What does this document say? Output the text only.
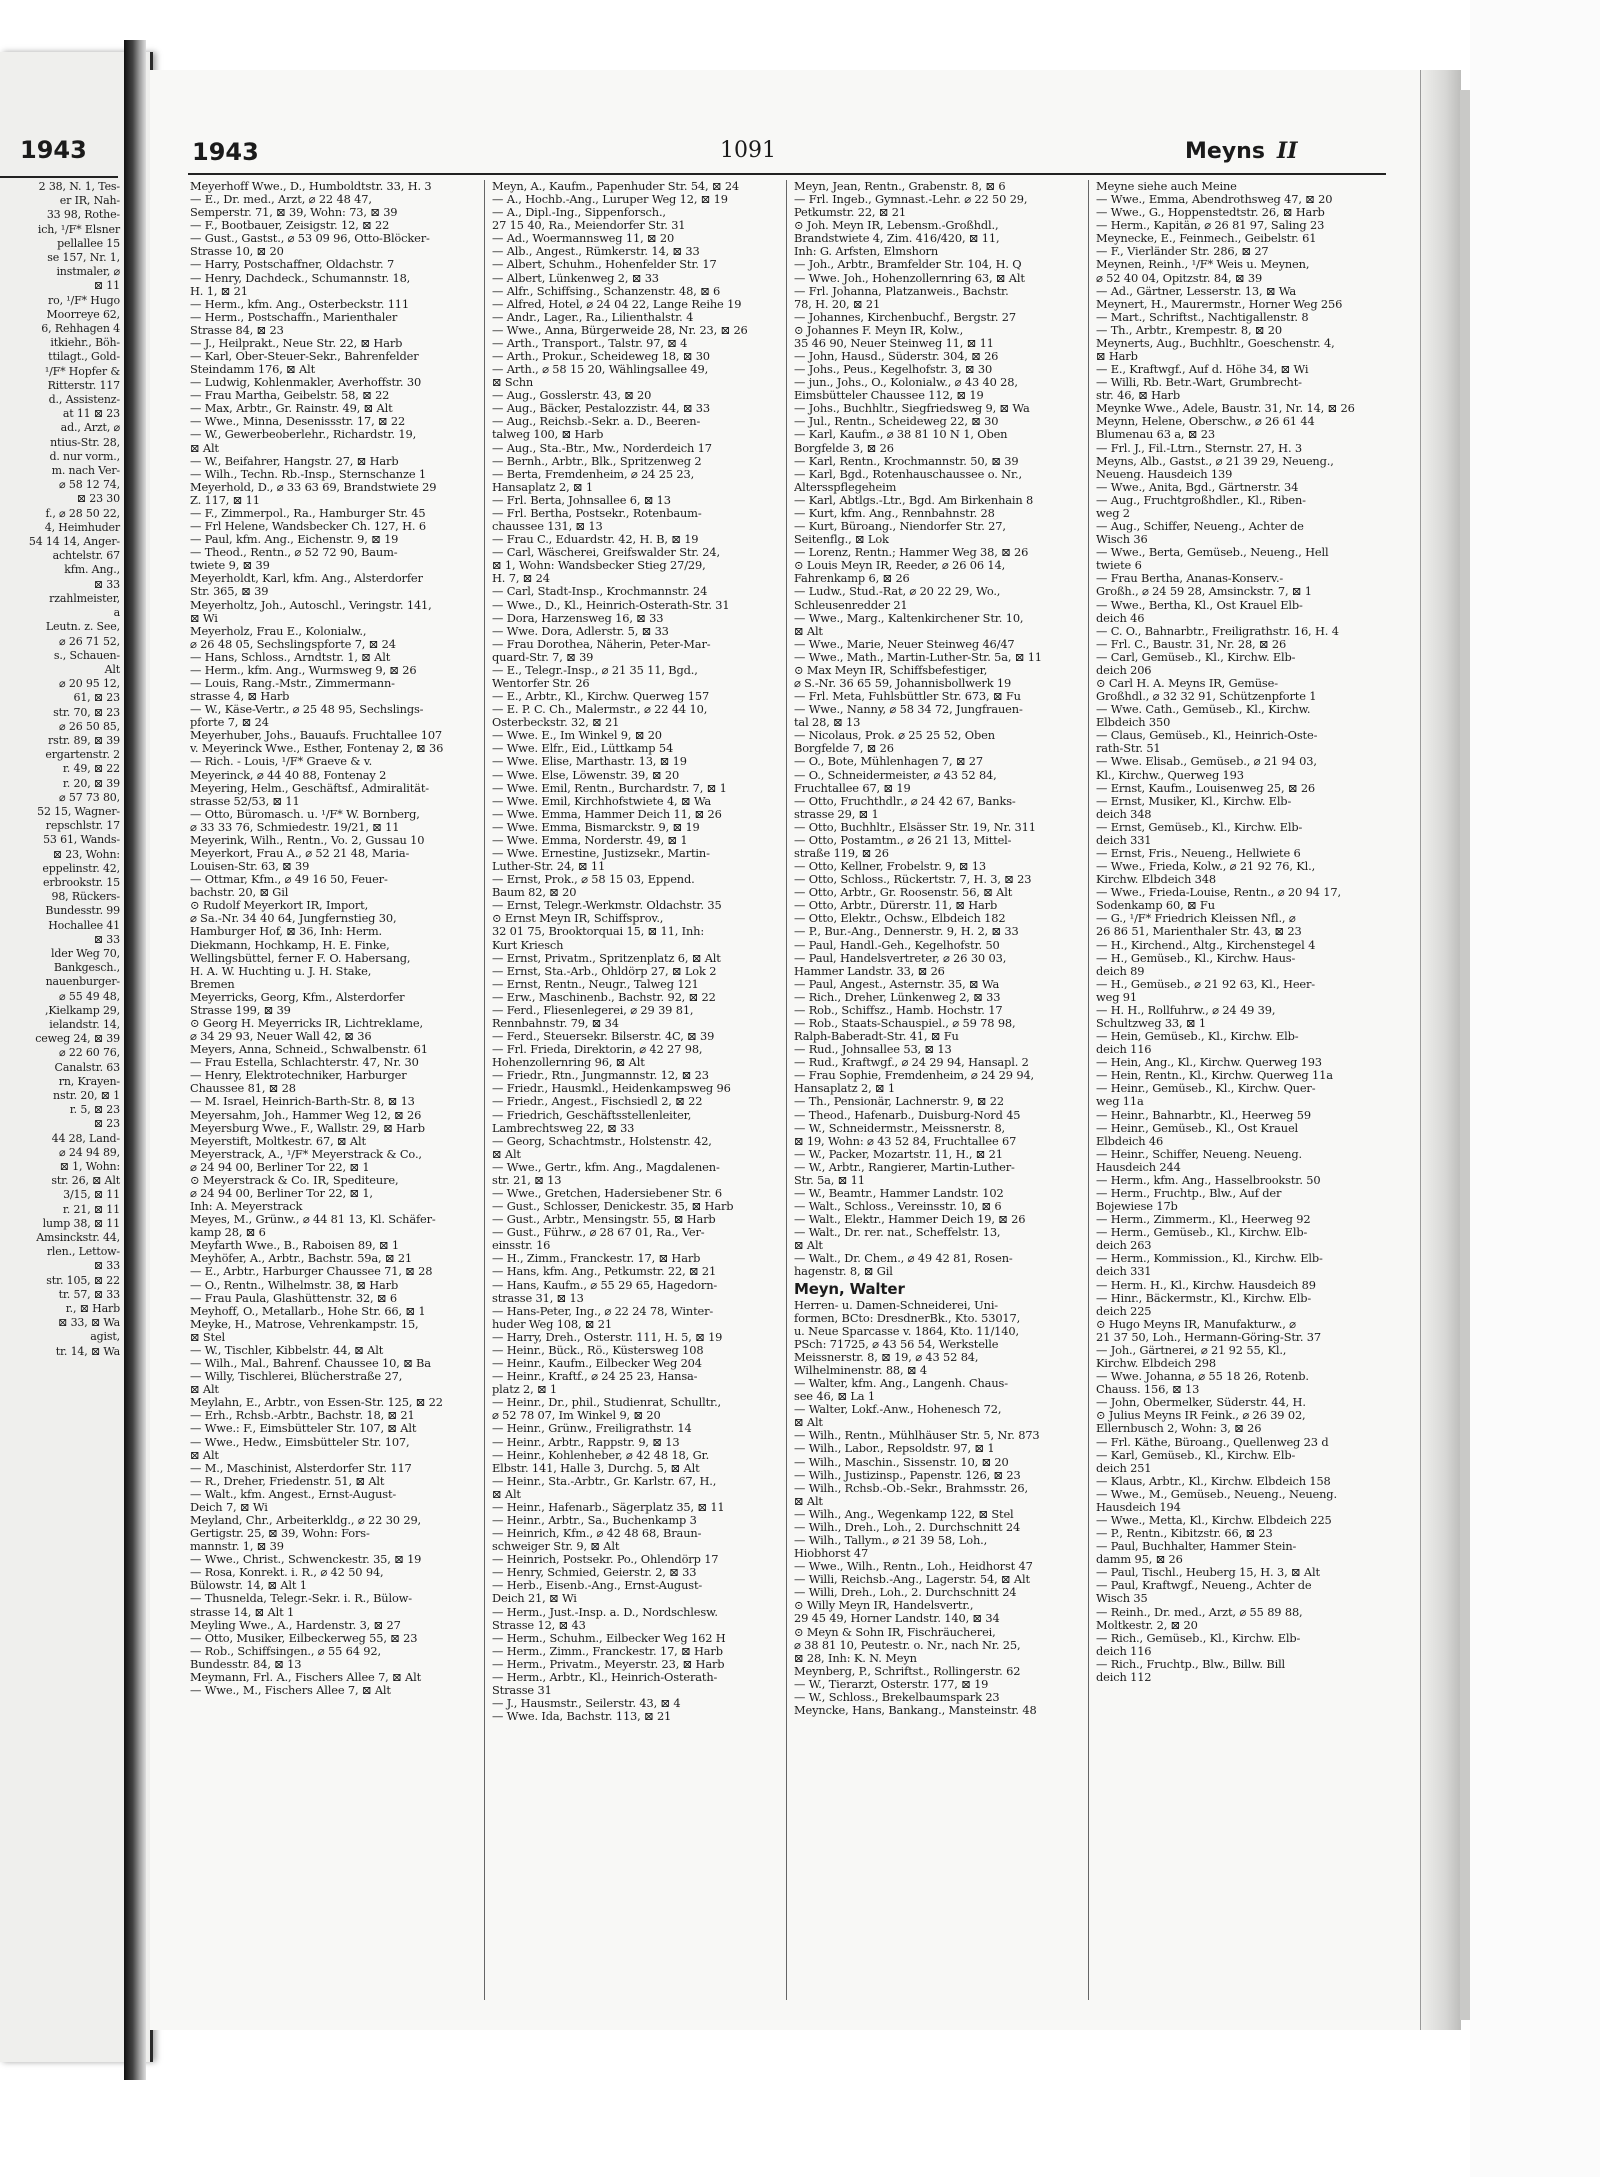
1943
2 38, N. 1, Tes-
er IR, Nah-
33 98, Rothe-
ich, ¹/F* Elsner
pellallee 15
se 157, Nr. 1,
instmaler, ⌀
⊠ 11
ro, ¹/F* Hugo
Moorreye 62,
6, Rehhagen 4
itkiehr., Böh-
ttilagt., Gold-
¹/F* Hopfer &
Ritterstr. 117
d., Assistenz-
at 11 ⊠ 23
ad., Arzt, ⌀
ntius-Str. 28,
d. nur vorm.,
m. nach Ver-
⌀ 58 12 74,
⊠ 23 30
f., ⌀ 28 50 22,
4, Heimhuder
54 14 14, Anger-
achtelstr. 67
kfm. Ang.,
⊠ 33
rzahlmeister,
a
Leutn. z. See,
⌀ 26 71 52,
s., Schauen-
Alt
⌀ 20 95 12,
61, ⊠ 23
str. 70, ⊠ 23
⌀ 26 50 85,
rstr. 89, ⊠ 39
ergartenstr. 2
r. 49, ⊠ 22
r. 20, ⊠ 39
⌀ 57 73 80,
52 15, Wagner-
repschlstr. 17
53 61, Wands-
⊠ 23, Wohn:
eppelinstr. 42,
erbrookstr. 15
98, Rückers-
Bundesstr. 99
Hochallee 41
⊠ 33
lder Weg 70,
Bankgesch.,
nauenburger-
⌀ 55 49 48,
,Kielkamp 29,
ielandstr. 14,
ceweg 24, ⊠ 39
⌀ 22 60 76,
Canalstr. 63
rn, Krayen-
nstr. 20, ⊠ 1
r. 5, ⊠ 23
⊠ 23
44 28, Land-
⌀ 24 94 89,
⊠ 1, Wohn:
str. 26, ⊠ Alt
3/15, ⊠ 11
r. 21, ⊠ 11
lump 38, ⊠ 11
Amsinckstr. 44,
rlen., Lettow-
⊠ 33
str. 105, ⊠ 22
tr. 57, ⊠ 33
r., ⊠ Harb
⊠ 33, ⊠ Wa
agist,
tr. 14, ⊠ Wa
1943	1091	Meyns II
Meyerhoff Wwe., D., Humboldtstr. 33, H. 3
— E., Dr. med., Arzt, ⌀ 22 48 47,
Semperstr. 71, ⊠ 39, Wohn: 73, ⊠ 39
— F., Bootbauer, Zeisigstr. 12, ⊠ 22
— Gust., Gastst., ⌀ 53 09 96, Otto-Blöcker-
Strasse 10, ⊠ 20
— Harry, Postschaffner, Oldachstr. 7
— Henry, Dachdeck., Schumannstr. 18,
H. 1, ⊠ 21
— Herm., kfm. Ang., Osterbeckstr. 111
— Herm., Postschaffn., Marienthaler
Strasse 84, ⊠ 23
— J., Heilprakt., Neue Str. 22, ⊠ Harb
— Karl, Ober-Steuer-Sekr., Bahrenfelder
Steindamm 176, ⊠ Alt
— Ludwig, Kohlenmakler, Averhoffstr. 30
— Frau Martha, Geibelstr. 58, ⊠ 22
— Max, Arbtr., Gr. Rainstr. 49, ⊠ Alt
— Wwe., Minna, Desenissstr. 17, ⊠ 22
— W., Gewerbeoberlehr., Richardstr. 19,
⊠ Alt
— W., Beifahrer, Hangstr. 27, ⊠ Harb
— Wilh., Techn. Rb.-Insp., Sternschanze 1
Meyerhold, D., ⌀ 33 63 69, Brandstwiete 29
Z. 117, ⊠ 11
— F., Zimmerpol., Ra., Hamburger Str. 45
— Frl Helene, Wandsbecker Ch. 127, H. 6
— Paul, kfm. Ang., Eichenstr. 9, ⊠ 19
— Theod., Rentn., ⌀ 52 72 90, Baum-
twiete 9, ⊠ 39
Meyerholdt, Karl, kfm. Ang., Alsterdorfer
Str. 365, ⊠ 39
Meyerholtz, Joh., Autoschl., Veringstr. 141,
⊠ Wi
Meyerholz, Frau E., Kolonialw.,
⌀ 26 48 05, Sechslingspforte 7, ⊠ 24
— Hans, Schloss., Arndtstr. 1, ⊠ Alt
— Herm., kfm. Ang., Wurmsweg 9, ⊠ 26
— Louis, Rang.-Mstr., Zimmermann-
strasse 4, ⊠ Harb
— W., Käse-Vertr., ⌀ 25 48 95, Sechslings-
pforte 7, ⊠ 24
Meyerhuber, Johs., Bauaufs. Fruchtallee 107
v. Meyerinck Wwe., Esther, Fontenay 2, ⊠ 36
— Rich. - Louis, ¹/F* Graeve & v.
Meyerinck, ⌀ 44 40 88, Fontenay 2
Meyering, Helm., Geschäftsf., Admiralität-
strasse 52/53, ⊠ 11
— Otto, Büromasch. u. ¹/F* W. Bornberg,
⌀ 33 33 76, Schmiedestr. 19/21, ⊠ 11
Meyerink, Wilh., Rentn., Vo. 2, Gussau 10
Meyerkort, Frau A., ⌀ 52 21 48, Maria-
Louisen-Str. 63, ⊠ 39
— Ottmar, Kfm., ⌀ 49 16 50, Feuer-
bachstr. 20, ⊠ Gil
⊙ Rudolf Meyerkort IR, Import,
⌀ Sa.-Nr. 34 40 64, Jungfernstieg 30,
Hamburger Hof, ⊠ 36, Inh: Herm.
Diekmann, Hochkamp, H. E. Finke,
Wellingsbüttel, ferner F. O. Habersang,
H. A. W. Huchting u. J. H. Stake,
Bremen
Meyerricks, Georg, Kfm., Alsterdorfer
Strasse 199, ⊠ 39
⊙ Georg H. Meyerricks IR, Lichtreklame,
⌀ 34 29 93, Neuer Wall 42, ⊠ 36
Meyers, Anna, Schneid., Schwalbenstr. 61
— Frau Estella, Schlachterstr. 47, Nr. 30
— Henry, Elektrotechniker, Harburger
Chaussee 81, ⊠ 28
— M. Israel, Heinrich-Barth-Str. 8, ⊠ 13
Meyersahm, Joh., Hammer Weg 12, ⊠ 26
Meyersburg Wwe., F., Wallstr. 29, ⊠ Harb
Meyerstift, Moltkestr. 67, ⊠ Alt
Meyerstrack, A., ¹/F* Meyerstrack & Co.,
⌀ 24 94 00, Berliner Tor 22, ⊠ 1
⊙ Meyerstrack & Co. IR, Spediteure,
⌀ 24 94 00, Berliner Tor 22, ⊠ 1,
Inh: A. Meyerstrack
Meyes, M., Grünw., ⌀ 44 81 13, Kl. Schäfer-
kamp 28, ⊠ 6
Meyfarth Wwe., B., Raboisen 89, ⊠ 1
Meyhöfer, A., Arbtr., Bachstr. 59a, ⊠ 21
— E., Arbtr., Harburger Chaussee 71, ⊠ 28
— O., Rentn., Wilhelmstr. 38, ⊠ Harb
— Frau Paula, Glashüttenstr. 32, ⊠ 6
Meyhoff, O., Metallarb., Hohe Str. 66, ⊠ 1
Meyke, H., Matrose, Vehrenkampstr. 15,
⊠ Stel
— W., Tischler, Kibbelstr. 44, ⊠ Alt
— Wilh., Mal., Bahrenf. Chaussee 10, ⊠ Ba
— Willy, Tischlerei, Blücherstraße 27,
⊠ Alt
Meylahn, E., Arbtr., von Essen-Str. 125, ⊠ 22
— Erh., Rchsb.-Arbtr., Bachstr. 18, ⊠ 21
— Wwe.: F., Eimsbütteler Str. 107, ⊠ Alt
— Wwe., Hedw., Eimsbütteler Str. 107,
⊠ Alt
— M., Maschinist, Alsterdorfer Str. 117
— R., Dreher, Friedenstr. 51, ⊠ Alt
— Walt., kfm. Angest., Ernst-August-
Deich 7, ⊠ Wi
Meyland, Chr., Arbeiterkldg., ⌀ 22 30 29,
Gertigstr. 25, ⊠ 39, Wohn: Fors-
mannstr. 1, ⊠ 39
— Wwe., Christ., Schwenckestr. 35, ⊠ 19
— Rosa, Konrekt. i. R., ⌀ 42 50 94,
Bülowstr. 14, ⊠ Alt 1
— Thusnelda, Telegr.-Sekr. i. R., Bülow-
strasse 14, ⊠ Alt 1
Meyling Wwe., A., Hardenstr. 3, ⊠ 27
— Otto, Musiker, Eilbeckerweg 55, ⊠ 23
— Rob., Schiffsingen., ⌀ 55 64 92,
Bundesstr. 84, ⊠ 13
Meymann, Frl. A., Fischers Allee 7, ⊠ Alt
— Wwe., M., Fischers Allee 7, ⊠ Alt
Meyn, A., Kaufm., Papenhuder Str. 54, ⊠ 24
— A., Hochb.-Ang., Luruper Weg 12, ⊠ 19
— A., Dipl.-Ing., Sippenforsch.,
27 15 40, Ra., Meiendorfer Str. 31
— Ad., Woermannsweg 11, ⊠ 20
— Alb., Angest., Rümkerstr. 14, ⊠ 33
— Albert, Schuhm., Hohenfelder Str. 17
— Albert, Lünkenweg 2, ⊠ 33
— Alfr., Schiffsing., Schanzenstr. 48, ⊠ 6
— Alfred, Hotel, ⌀ 24 04 22, Lange Reihe 19
— Andr., Lager., Ra., Lilienthalstr. 4
— Wwe., Anna, Bürgerweide 28, Nr. 23, ⊠ 26
— Arth., Transport., Talstr. 97, ⊠ 4
— Arth., Prokur., Scheideweg 18, ⊠ 30
— Arth., ⌀ 58 15 20, Wählingsallee 49,
⊠ Schn
— Aug., Gosslerstr. 43, ⊠ 20
— Aug., Bäcker, Pestalozzistr. 44, ⊠ 33
— Aug., Reichsb.-Sekr. a. D., Beeren-
talweg 100, ⊠ Harb
— Aug., Sta.-Btr., Mw., Norderdeich 17
— Bernh., Arbtr., Blk., Spritzenweg 2
— Berta, Fremdenheim, ⌀ 24 25 23,
Hansaplatz 2, ⊠ 1
— Frl. Berta, Johnsallee 6, ⊠ 13
— Frl. Bertha, Postsekr., Rotenbaum-
chaussee 131, ⊠ 13
— Frau C., Eduardstr. 42, H. B, ⊠ 19
— Carl, Wäscherei, Greifswalder Str. 24,
⊠ 1, Wohn: Wandsbecker Stieg 27/29,
H. 7, ⊠ 24
— Carl, Stadt-Insp., Krochmannstr. 24
— Wwe., D., Kl., Heinrich-Osterath-Str. 31
— Dora, Harzensweg 16, ⊠ 33
— Wwe. Dora, Adlerstr. 5, ⊠ 33
— Frau Dorothea, Näherin, Peter-Mar-
quard-Str. 7, ⊠ 39
— E., Telegr.-Insp., ⌀ 21 35 11, Bgd.,
Wentorfer Str. 26
— E., Arbtr., Kl., Kirchw. Querweg 157
— E. P. C. Ch., Malermstr., ⌀ 22 44 10,
Osterbeckstr. 32, ⊠ 21
— Wwe. E., Im Winkel 9, ⊠ 20
— Wwe. Elfr., Eid., Lüttkamp 54
— Wwe. Elise, Marthastr. 13, ⊠ 19
— Wwe. Else, Löwenstr. 39, ⊠ 20
— Wwe. Emil, Rentn., Burchardstr. 7, ⊠ 1
— Wwe. Emil, Kirchhofstwiete 4, ⊠ Wa
— Wwe. Emma, Hammer Deich 11, ⊠ 26
— Wwe. Emma, Bismarckstr. 9, ⊠ 19
— Wwe. Emma, Norderstr. 49, ⊠ 1
— Wwe. Ernestine, Justizsekr., Martin-
Luther-Str. 24, ⊠ 11
— Ernst, Prok., ⌀ 58 15 03, Eppend.
Baum 82, ⊠ 20
— Ernst, Telegr.-Werkmstr. Oldachstr. 35
⊙ Ernst Meyn IR, Schiffsprov.,
32 01 75, Brooktorquai 15, ⊠ 11, Inh:
Kurt Kriesch
— Ernst, Privatm., Spritzenplatz 6, ⊠ Alt
— Ernst, Sta.-Arb., Ohldörp 27, ⊠ Lok 2
— Ernst, Rentn., Neugr., Talweg 121
— Erw., Maschinenb., Bachstr. 92, ⊠ 22
— Ferd., Fliesenlegerei, ⌀ 29 39 81,
Rennbahnstr. 79, ⊠ 34
— Ferd., Steuersekr. Bilserstr. 4C, ⊠ 39
— Frl. Frieda, Direktorin, ⌀ 42 27 98,
Hohenzollernring 96, ⊠ Alt
— Friedr., Rtn., Jungmannstr. 12, ⊠ 23
— Friedr., Hausmkl., Heidenkampsweg 96
— Friedr., Angest., Fischsiedl 2, ⊠ 22
— Friedrich, Geschäftsstellenleiter,
Lambrechtsweg 22, ⊠ 33
— Georg, Schachtmstr., Holstenstr. 42,
⊠ Alt
— Wwe., Gertr., kfm. Ang., Magdalenen-
str. 21, ⊠ 13
— Wwe., Gretchen, Hadersiebener Str. 6
— Gust., Schlosser, Denickestr. 35, ⊠ Harb
— Gust., Arbtr., Mensingstr. 55, ⊠ Harb
— Gust., Führw., ⌀ 28 67 01, Ra., Ver-
einsstr. 16
— H., Zimm., Franckestr. 17, ⊠ Harb
— Hans, kfm. Ang., Petkumstr. 22, ⊠ 21
— Hans, Kaufm., ⌀ 55 29 65, Hagedorn-
strasse 31, ⊠ 13
— Hans-Peter, Ing., ⌀ 22 24 78, Winter-
huder Weg 108, ⊠ 21
— Harry, Dreh., Osterstr. 111, H. 5, ⊠ 19
— Heinr., Bück., Rö., Küstersweg 108
— Heinr., Kaufm., Eilbecker Weg 204
— Heinr., Kraftf., ⌀ 24 25 23, Hansa-
platz 2, ⊠ 1
— Heinr., Dr., phil., Studienrat, Schulltr.,
⌀ 52 78 07, Im Winkel 9, ⊠ 20
— Heinr., Grünw., Freiligrathstr. 14
— Heinr., Arbtr., Rappstr. 9, ⊠ 13
— Heinr., Kohlenheber, ⌀ 42 48 18, Gr.
Elbstr. 141, Halle 3, Durchg. 5, ⊠ Alt
— Heinr., Sta.-Arbtr., Gr. Karlstr. 67, H.,
⊠ Alt
— Heinr., Hafenarb., Sägerplatz 35, ⊠ 11
— Heinr., Arbtr., Sa., Buchenkamp 3
— Heinrich, Kfm., ⌀ 42 48 68, Braun-
schweiger Str. 9, ⊠ Alt
— Heinrich, Postsekr. Po., Ohlendörp 17
— Henry, Schmied, Geierstr. 2, ⊠ 33
— Herb., Eisenb.-Ang., Ernst-August-
Deich 21, ⊠ Wi
— Herm., Just.-Insp. a. D., Nordschlesw.
Strasse 12, ⊠ 43
— Herm., Schuhm., Eilbecker Weg 162 H
— Herm., Zimm., Franckestr. 17, ⊠ Harb
— Herm., Privatm., Meyerstr. 23, ⊠ Harb
— Herm., Arbtr., Kl., Heinrich-Osterath-
Strasse 31
— J., Hausmstr., Seilerstr. 43, ⊠ 4
— Wwe. Ida, Bachstr. 113, ⊠ 21
Meyn, Jean, Rentn., Grabenstr. 8, ⊠ 6
— Frl. Ingeb., Gymnast.-Lehr. ⌀ 22 50 29,
Petkumstr. 22, ⊠ 21
⊙ Joh. Meyn IR, Lebensm.-Großhdl.,
Brandstwiete 4, Zim. 416/420, ⊠ 11,
Inh: G. Arfsten, Elmshorn
— Joh., Arbtr., Bramfelder Str. 104, H. Q
— Wwe. Joh., Hohenzollernring 63, ⊠ Alt
— Frl. Johanna, Platzanweis., Bachstr.
78, H. 20, ⊠ 21
— Johannes, Kirchenbuchf., Bergstr. 27
⊙ Johannes F. Meyn IR, Kolw.,
35 46 90, Neuer Steinweg 11, ⊠ 11
— John, Hausd., Süderstr. 304, ⊠ 26
— Johs., Peus., Kegelhofstr. 3, ⊠ 30
— jun., Johs., O., Kolonialw., ⌀ 43 40 28,
Eimsbütteler Chaussee 112, ⊠ 19
— Johs., Buchhltr., Siegfriedsweg 9, ⊠ Wa
— Jul., Rentn., Scheideweg 22, ⊠ 30
— Karl, Kaufm., ⌀ 38 81 10 N 1, Oben
Borgfelde 3, ⊠ 26
— Karl, Rentn., Krochmannstr. 50, ⊠ 39
— Karl, Bgd., Rotenhauschaussee o. Nr.,
Altersspflegeheim
— Karl, Abtlgs.-Ltr., Bgd. Am Birkenhain 8
— Kurt, kfm. Ang., Rennbahnstr. 28
— Kurt, Büroang., Niendorfer Str. 27,
Seitenflg., ⊠ Lok
— Lorenz, Rentn.; Hammer Weg 38, ⊠ 26
⊙ Louis Meyn IR, Reeder, ⌀ 26 06 14,
Fahrenkamp 6, ⊠ 26
— Ludw., Stud.-Rat, ⌀ 20 22 29, Wo.,
Schleusenredder 21
— Wwe., Marg., Kaltenkirchener Str. 10,
⊠ Alt
— Wwe., Marie, Neuer Steinweg 46/47
— Wwe., Math., Martin-Luther-Str. 5a, ⊠ 11
⊙ Max Meyn IR, Schiffsbefestiger,
⌀ S.-Nr. 36 65 59, Johannisbollwerk 19
— Frl. Meta, Fuhlsbüttler Str. 673, ⊠ Fu
— Wwe., Nanny, ⌀ 58 34 72, Jungfrauen-
tal 28, ⊠ 13
— Nicolaus, Prok. ⌀ 25 25 52, Oben
Borgfelde 7, ⊠ 26
— O., Bote, Mühlenhagen 7, ⊠ 27
— O., Schneidermeister, ⌀ 43 52 84,
Fruchtallee 67, ⊠ 19
— Otto, Fruchthdlr., ⌀ 24 42 67, Banks-
strasse 29, ⊠ 1
— Otto, Buchhltr., Elsässer Str. 19, Nr. 311
— Otto, Postamtm., ⌀ 26 21 13, Mittel-
straße 119, ⊠ 26
— Otto, Kellner, Frobelstr. 9, ⊠ 13
— Otto, Schloss., Rückertstr. 7, H. 3, ⊠ 23
— Otto, Arbtr., Gr. Roosenstr. 56, ⊠ Alt
— Otto, Arbtr., Dürerstr. 11, ⊠ Harb
— Otto, Elektr., Ochsw., Elbdeich 182
— P., Bur.-Ang., Dennerstr. 9, H. 2, ⊠ 33
— Paul, Handl.-Geh., Kegelhofstr. 50
— Paul, Handelsvertreter, ⌀ 26 30 03,
Hammer Landstr. 33, ⊠ 26
— Paul, Angest., Asternstr. 35, ⊠ Wa
— Rich., Dreher, Lünkenweg 2, ⊠ 33
— Rob., Schiffsz., Hamb. Hochstr. 17
— Rob., Staats-Schauspiel., ⌀ 59 78 98,
Ralph-Baberadt-Str. 41, ⊠ Fu
— Rud., Johnsallee 53, ⊠ 13
— Rud., Kraftwgf., ⌀ 24 29 94, Hansapl. 2
— Frau Sophie, Fremdenheim, ⌀ 24 29 94,
Hansaplatz 2, ⊠ 1
— Th., Pensionär, Lachnerstr. 9, ⊠ 22
— Theod., Hafenarb., Duisburg-Nord 45
— W., Schneidermstr., Meissnerstr. 8,
⊠ 19, Wohn: ⌀ 43 52 84, Fruchtallee 67
— W., Packer, Mozartstr. 11, H., ⊠ 21
— W., Arbtr., Rangierer, Martin-Luther-
Str. 5a, ⊠ 11
— W., Beamtr., Hammer Landstr. 102
— Walt., Schloss., Vereinsstr. 10, ⊠ 6
— Walt., Elektr., Hammer Deich 19, ⊠ 26
— Walt., Dr. rer. nat., Scheffelstr. 13,
⊠ Alt
— Walt., Dr. Chem., ⌀ 49 42 81, Rosen-
hagenstr. 8, ⊠ Gil
Meyn, Walter
Herren- u. Damen-Schneiderei, Uni-
formen, BCto: DresdnerBk., Kto. 53017,
u. Neue Sparcasse v. 1864, Kto. 11/140,
PSch: 71725, ⌀ 43 56 54, Werkstelle
Meissnerstr. 8, ⊠ 19, ⌀ 43 52 84,
Wilhelminenstr. 88, ⊠ 4
— Walter, kfm. Ang., Langenh. Chaus-
see 46, ⊠ La 1
— Walter, Lokf.-Anw., Hohenesch 72,
⊠ Alt
— Wilh., Rentn., Mühlhäuser Str. 5, Nr. 873
— Wilh., Labor., Repsoldstr. 97, ⊠ 1
— Wilh., Maschin., Sissenstr. 10, ⊠ 20
— Wilh., Justizinsp., Papenstr. 126, ⊠ 23
— Wilh., Rchsb.-Ob.-Sekr., Brahmsstr. 26,
⊠ Alt
— Wilh., Ang., Wegenkamp 122, ⊠ Stel
— Wilh., Dreh., Loh., 2. Durchschnitt 24
— Wilh., Tallym., ⌀ 21 39 58, Loh.,
Hiobhorst 47
— Wwe., Wilh., Rentn., Loh., Heidhorst 47
— Willi, Reichsb.-Ang., Lagerstr. 54, ⊠ Alt
— Willi, Dreh., Loh., 2. Durchschnitt 24
⊙ Willy Meyn IR, Handelsvertr.,
29 45 49, Horner Landstr. 140, ⊠ 34
⊙ Meyn & Sohn IR, Fischräucherei,
⌀ 38 81 10, Peutestr. o. Nr., nach Nr. 25,
⊠ 28, Inh: K. N. Meyn
Meynberg, P., Schriftst., Rollingerstr. 62
— W., Tierarzt, Osterstr. 177, ⊠ 19
— W., Schloss., Brekelbaumspark 23
Meyncke, Hans, Bankang., Mansteinstr. 48
Meyne siehe auch Meine
— Wwe., Emma, Abendrothsweg 47, ⊠ 20
— Wwe., G., Hoppenstedtstr. 26, ⊠ Harb
— Herm., Kapitän, ⌀ 26 81 97, Saling 23
Meynecke, E., Feinmech., Geibelstr. 61
— F., Vierländer Str. 286, ⊠ 27
Meynen, Reinh., ¹/F* Weis u. Meynen,
⌀ 52 40 04, Opitzstr. 84, ⊠ 39
— Ad., Gärtner, Lesserstr. 13, ⊠ Wa
Meynert, H., Maurermstr., Horner Weg 256
— Mart., Schriftst., Nachtigallenstr. 8
— Th., Arbtr., Krempestr. 8, ⊠ 20
Meynerts, Aug., Buchhltr., Goeschenstr. 4,
⊠ Harb
— E., Kraftwgf., Auf d. Höhe 34, ⊠ Wi
— Willi, Rb. Betr.-Wart, Grumbrecht-
str. 46, ⊠ Harb
Meynke Wwe., Adele, Baustr. 31, Nr. 14, ⊠ 26
Meynn, Helene, Oberschw., ⌀ 26 61 44
Blumenau 63 a, ⊠ 23
— Frl. J., Fil.-Ltrn., Sternstr. 27, H. 3
Meyns, Alb., Gastst., ⌀ 21 39 29, Neueng.,
Neueng. Hausdeich 139
— Wwe., Anita, Bgd., Gärtnerstr. 34
— Aug., Fruchtgroßhdler., Kl., Riben-
weg 2
— Aug., Schiffer, Neueng., Achter de
Wisch 36
— Wwe., Berta, Gemüseb., Neueng., Hell
twiete 6
— Frau Bertha, Ananas-Konserv.-
Großh., ⌀ 24 59 28, Amsinckstr. 7, ⊠ 1
— Wwe., Bertha, Kl., Ost Krauel Elb-
deich 46
— C. O., Bahnarbtr., Freiligrathstr. 16, H. 4
— Frl. C., Baustr. 31, Nr. 28, ⊠ 26
— Carl, Gemüseb., Kl., Kirchw. Elb-
deich 206
⊙ Carl H. A. Meyns IR, Gemüse-
Großhdl., ⌀ 32 32 91, Schützenpforte 1
— Wwe. Cath., Gemüseb., Kl., Kirchw.
Elbdeich 350
— Claus, Gemüseb., Kl., Heinrich-Oste-
rath-Str. 51
— Wwe. Elisab., Gemüseb., ⌀ 21 94 03,
Kl., Kirchw., Querweg 193
— Ernst, Kaufm., Louisenweg 25, ⊠ 26
— Ernst, Musiker, Kl., Kirchw. Elb-
deich 348
— Ernst, Gemüseb., Kl., Kirchw. Elb-
deich 331
— Ernst, Fris., Neueng., Hellwiete 6
— Wwe., Frieda, Kolw., ⌀ 21 92 76, Kl.,
Kirchw. Elbdeich 348
— Wwe., Frieda-Louise, Rentn., ⌀ 20 94 17,
Sodenkamp 60, ⊠ Fu
— G., ¹/F* Friedrich Kleissen Nfl., ⌀
26 86 51, Marienthaler Str. 43, ⊠ 23
— H., Kirchend., Altg., Kirchenstegel 4
— H., Gemüseb., Kl., Kirchw. Haus-
deich 89
— H., Gemüseb., ⌀ 21 92 63, Kl., Heer-
weg 91
— H. H., Rollfuhrw., ⌀ 24 49 39,
Schultzweg 33, ⊠ 1
— Hein, Gemüseb., Kl., Kirchw. Elb-
deich 116
— Hein, Ang., Kl., Kirchw. Querweg 193
— Hein, Rentn., Kl., Kirchw. Querweg 11a
— Heinr., Gemüseb., Kl., Kirchw. Quer-
weg 11a
— Heinr., Bahnarbtr., Kl., Heerweg 59
— Heinr., Gemüseb., Kl., Ost Krauel
Elbdeich 46
— Heinr., Schiffer, Neueng. Neueng.
Hausdeich 244
— Herm., kfm. Ang., Hasselbrookstr. 50
— Herm., Fruchtp., Blw., Auf der
Bojewiese 17b
— Herm., Zimmerm., Kl., Heerweg 92
— Herm., Gemüseb., Kl., Kirchw. Elb-
deich 263
— Herm., Kommission., Kl., Kirchw. Elb-
deich 331
— Herm. H., Kl., Kirchw. Hausdeich 89
— Hinr., Bäckermstr., Kl., Kirchw. Elb-
deich 225
⊙ Hugo Meyns IR, Manufakturw., ⌀
21 37 50, Loh., Hermann-Göring-Str. 37
— Joh., Gärtnerei, ⌀ 21 92 55, Kl.,
Kirchw. Elbdeich 298
— Wwe. Johanna, ⌀ 55 18 26, Rotenb.
Chauss. 156, ⊠ 13
— John, Obermelker, Süderstr. 44, H.
⊙ Julius Meyns IR Feink., ⌀ 26 39 02,
Ellernbusch 2, Wohn: 3, ⊠ 26
— Frl. Käthe, Büroang., Quellenweg 23 d
— Karl, Gemüseb., Kl., Kirchw. Elb-
deich 251
— Klaus, Arbtr., Kl., Kirchw. Elbdeich 158
— Wwe., M., Gemüseb., Neueng., Neueng.
Hausdeich 194
— Wwe., Metta, Kl., Kirchw. Elbdeich 225
— P., Rentn., Kibitzstr. 66, ⊠ 23
— Paul, Buchhalter, Hammer Stein-
damm 95, ⊠ 26
— Paul, Tischl., Heuberg 15, H. 3, ⊠ Alt
— Paul, Kraftwgf., Neueng., Achter de
Wisch 35
— Reinh., Dr. med., Arzt, ⌀ 55 89 88,
Moltkestr. 2, ⊠ 20
— Rich., Gemüseb., Kl., Kirchw. Elb-
deich 116
— Rich., Fruchtp., Blw., Billw. Bill
deich 112
